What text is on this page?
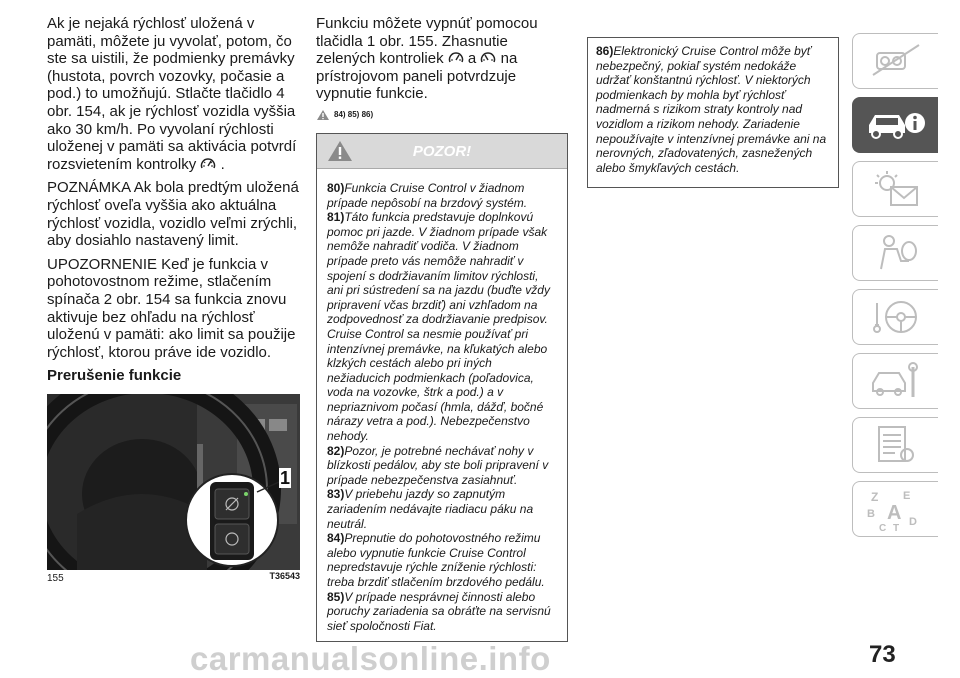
Ak je nejaká rýchlosť uložená v pamäti, môžete ju vyvolať, potom, čo ste sa uistili, že podmienky premávky (hustota, povrch vozovky, počasie a pod.) to umožňujú. Stlačte tlačidlo 4 obr. 154, ak je rýchlosť vozidla vyššia ako 30 km/h. Po vyvolaní rýchlosti uloženej v pamäti sa aktivácia potvrdí rozsvietením kontrolky .

POZNÁMKA Ak bola predtým uložená rýchlosť oveľa vyššia ako aktuálna rýchlosť vozidla, vozidlo veľmi zrýchli, aby dosiahlo nastavený limit.

UPOZORNENIE Keď je funkcia v pohotovostnom režime, stlačením spínača 2 obr. 154 sa funkcia znovu aktivuje bez ohľadu na rýchlosť uloženú v pamäti: ako limit sa použije rýchlosť, ktorou práve ide vozidlo.

Prerušenie funkcie
1
155	T36543

Funkciu môžete vypnúť pomocou tlačidla 1 obr. 155. Zhasnutie zelených kontroliek a na prístrojovom paneli potvrdzuje vypnutie funkcie.

84) 85) 86)
POZOR!

80)Funkcia Cruise Control v žiadnom prípade nepôsobí na brzdový systém.

81)Táto funkcia predstavuje doplnkovú pomoc pri jazde. V žiadnom prípade však nemôže nahradiť vodiča. V žiadnom prípade preto vás nemôže nahradiť v spojení s dodržiavaním limitov rýchlosti, ani pri sústredení sa na jazdu (buďte vždy pripravení včas brzdiť) ani vzhľadom na zodpovednosť za dodržiavanie predpisov. Cruise Control sa nesmie používať pri intenzívnej premávke, na kľukatých alebo klzkých cestách alebo pri iných nežiaducich podmienkach (poľadovica, voda na vozovke, štrk a pod.) a v nepriaznivom počasí (hmla, dážď, bočné nárazy vetra a pod.). Nebezpečenstvo nehody.

82)Pozor, je potrebné nechávať nohy v blízkosti pedálov, aby ste boli pripravení v prípade nebezpečenstva zasiahnuť.

83)V priebehu jazdy so zapnutým zariadením nedávajte riadiacu páku na neutrál.

84)Prepnutie do pohotovostného režimu alebo vypnutie funkcie Cruise Control nepredstavuje rýchle zníženie rýchlosti: treba brzdiť stlačením brzdového pedálu.

85)V prípade nesprávnej činnosti alebo poruchy zariadenia sa obráťte na servisnú sieť spoločnosti Fiat.

86)Elektronický Cruise Control môže byť nebezpečný, pokiaľ systém nedokáže udržať konštantnú rýchlosť. V niektorých podmienkach by mohla byť rýchlosť nadmerná s rizikom straty kontroly nad vozidlom a rizikom nehody. Zariadenie nepoužívajte v intenzívnej premávke ani na nerovných, zľadovatených, zasnežených alebo šmykľavých cestách.

Z E
B A
C T
D
carmanualsonline.info	73
